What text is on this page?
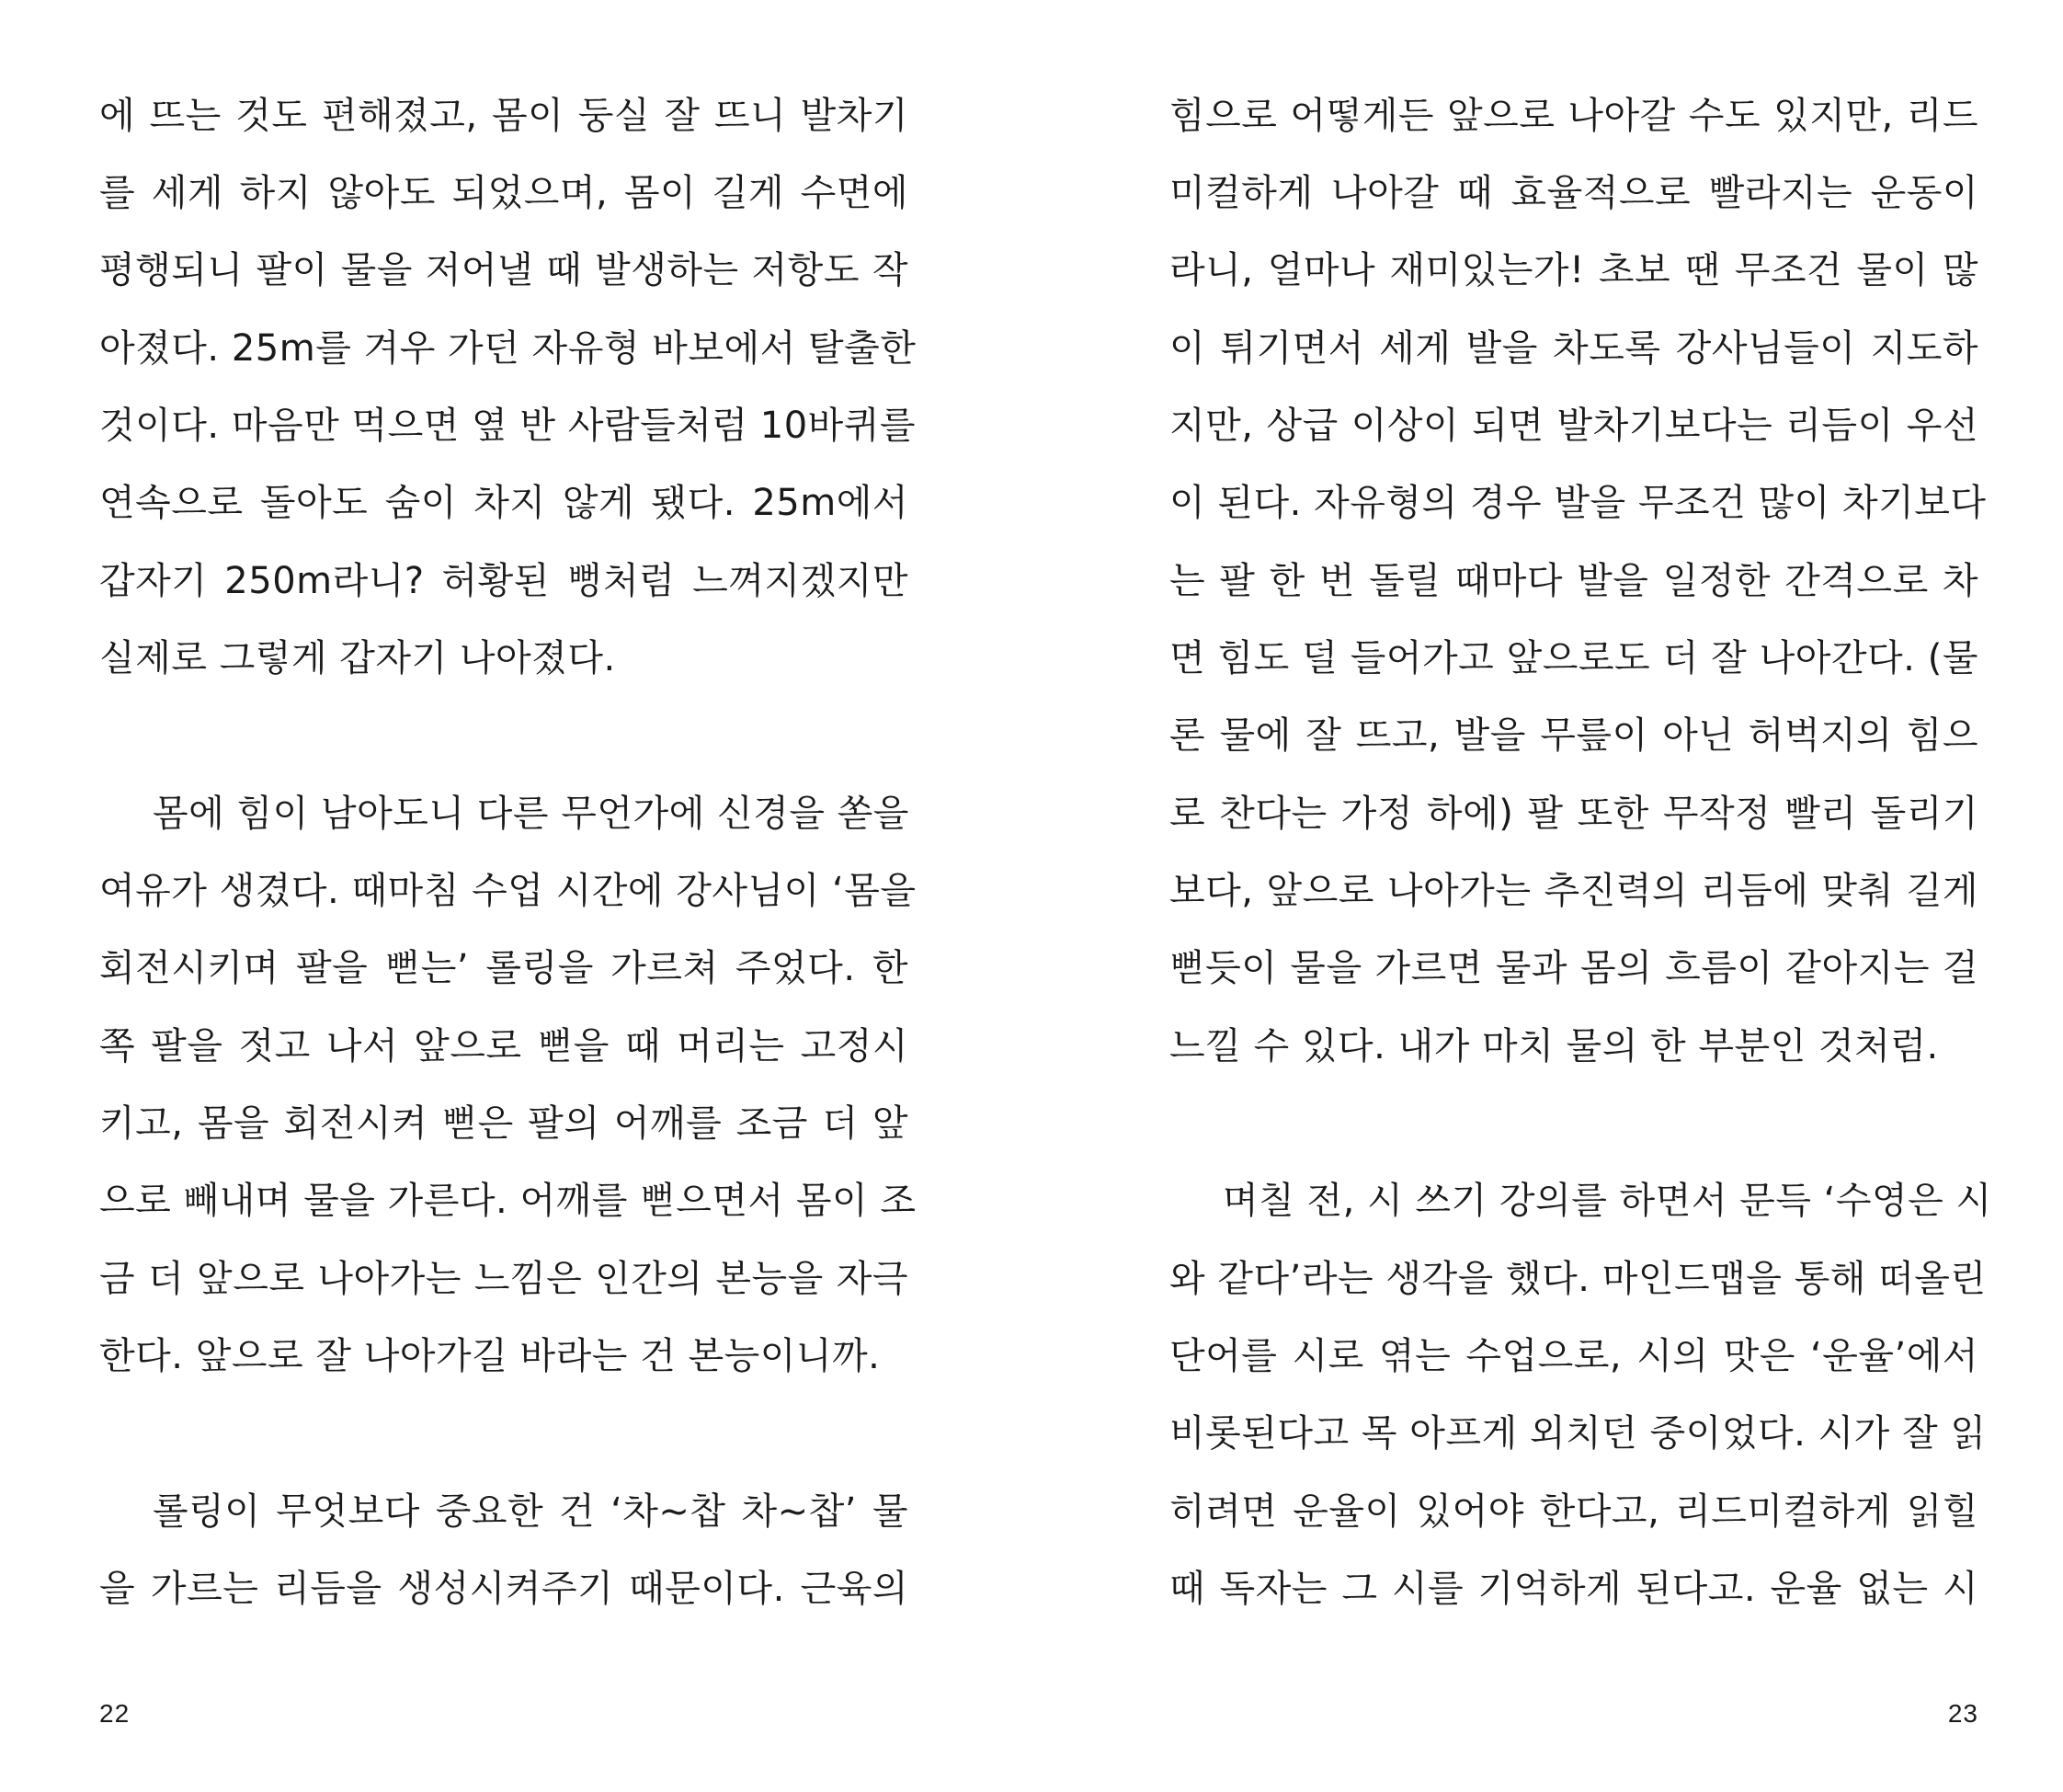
에 뜨는 것도 편해졌고, 몸이 둥실 잘 뜨니 발차기
를 세게 하지 않아도 되었으며, 몸이 길게 수면에
평행되니 팔이 물을 저어낼 때 발생하는 저항도 작
아졌다. 25m를 겨우 가던 자유형 바보에서 탈출한
것이다. 마음만 먹으면 옆 반 사람들처럼 10바퀴를
연속으로 돌아도 숨이 차지 않게 됐다. 25m에서
갑자기 250m라니? 허황된 뻥처럼 느껴지겠지만
실제로 그렇게 갑자기 나아졌다.
몸에 힘이 남아도니 다른 무언가에 신경을 쏟을
여유가 생겼다. 때마침 수업 시간에 강사님이 ‘몸을
회전시키며 팔을 뻗는’ 롤링을 가르쳐 주었다. 한
쪽 팔을 젓고 나서 앞으로 뻗을 때 머리는 고정시
키고, 몸을 회전시켜 뻗은 팔의 어깨를 조금 더 앞
으로 빼내며 물을 가른다. 어깨를 뻗으면서 몸이 조
금 더 앞으로 나아가는 느낌은 인간의 본능을 자극
한다. 앞으로 잘 나아가길 바라는 건 본능이니까.
롤링이 무엇보다 중요한 건 ‘차~찹 차~찹’ 물
을 가르는 리듬을 생성시켜주기 때문이다. 근육의
22
힘으로 어떻게든 앞으로 나아갈 수도 있지만, 리드
미컬하게 나아갈 때 효율적으로 빨라지는 운동이
라니, 얼마나 재미있는가! 초보 땐 무조건 물이 많
이 튀기면서 세게 발을 차도록 강사님들이 지도하
지만, 상급 이상이 되면 발차기보다는 리듬이 우선
이 된다. 자유형의 경우 발을 무조건 많이 차기보다
는 팔 한 번 돌릴 때마다 발을 일정한 간격으로 차
면 힘도 덜 들어가고 앞으로도 더 잘 나아간다. (물
론 물에 잘 뜨고, 발을 무릎이 아닌 허벅지의 힘으
로 찬다는 가정 하에) 팔 또한 무작정 빨리 돌리기
보다, 앞으로 나아가는 추진력의 리듬에 맞춰 길게
뻗듯이 물을 가르면 물과 몸의 흐름이 같아지는 걸
느낄 수 있다. 내가 마치 물의 한 부분인 것처럼.
며칠 전, 시 쓰기 강의를 하면서 문득 ‘수영은 시
와 같다’라는 생각을 했다. 마인드맵을 통해 떠올린
단어를 시로 엮는 수업으로, 시의 맛은 ‘운율’에서
비롯된다고 목 아프게 외치던 중이었다. 시가 잘 읽
히려면 운율이 있어야 한다고, 리드미컬하게 읽힐
때 독자는 그 시를 기억하게 된다고. 운율 없는 시
23
